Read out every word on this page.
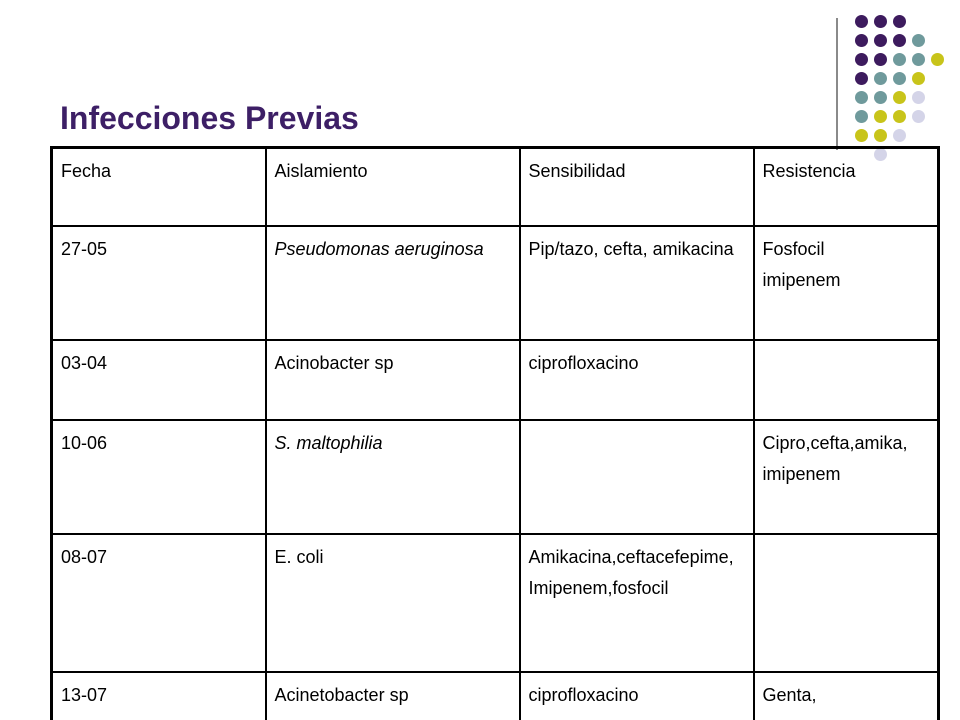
Infecciones Previas
Fecha	Aislamiento	Sensibilidad	Resistencia
27-05	Pseudomonas aeruginosa	Pip/tazo, cefta, amikacina	Fosfocil
imipenem

03-04	Acinobacter sp	ciprofloxacino	
10-06	S. maltophilia		Cipro,cefta,amika,
imipenem

08-07	E. coli	Amikacina,ceftacefepime,
Imipenem,fosfocil	

13-07	Acinetobacter sp	ciprofloxacino	Genta,
